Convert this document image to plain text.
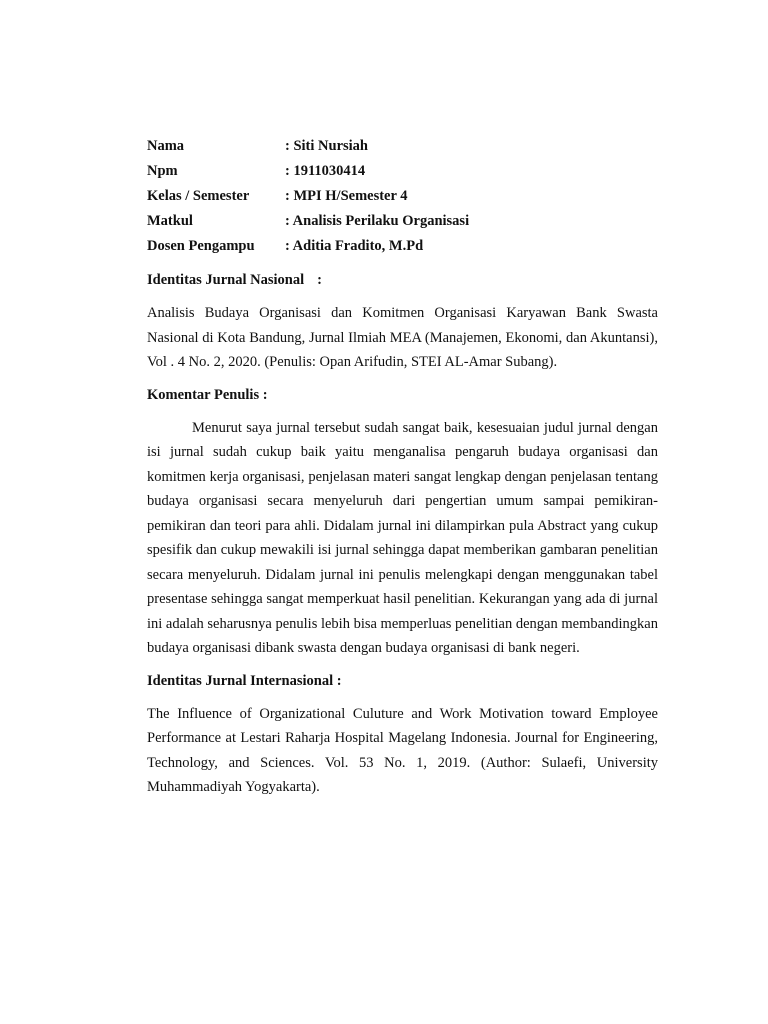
Nama	: Siti Nursiah
Npm	: 1911030414
Kelas / Semester	: MPI H/Semester 4
Matkul	: Analisis Perilaku Organisasi
Dosen Pengampu	: Aditia Fradito, M.Pd

Identitas Jurnal Nasional :

Analisis Budaya Organisasi dan Komitmen Organisasi Karyawan Bank Swasta Nasional di Kota Bandung, Jurnal Ilmiah MEA (Manajemen, Ekonomi, dan Akuntansi), Vol . 4 No. 2, 2020. (Penulis: Opan Arifudin, STEI AL-Amar Subang).

Komentar Penulis :

Menurut saya jurnal tersebut sudah sangat baik, kesesuaian judul jurnal dengan isi jurnal sudah cukup baik yaitu menganalisa pengaruh budaya organisasi dan komitmen kerja organisasi, penjelasan materi sangat lengkap dengan penjelasan tentang budaya organisasi secara menyeluruh dari pengertian umum sampai pemikiran-pemikiran dan teori para ahli. Didalam jurnal ini dilampirkan pula Abstract yang cukup spesifik dan cukup mewakili isi jurnal sehingga dapat memberikan gambaran penelitian secara menyeluruh. Didalam jurnal ini penulis melengkapi dengan menggunakan tabel presentase sehingga sangat memperkuat hasil penelitian. Kekurangan yang ada di jurnal ini adalah seharusnya penulis lebih bisa memperluas penelitian dengan membandingkan budaya organisasi dibank swasta dengan budaya organisasi di bank negeri.

Identitas Jurnal Internasional :

The Influence of Organizational Culuture and Work Motivation toward Employee Performance at Lestari Raharja Hospital Magelang Indonesia. Journal for Engineering, Technology, and Sciences. Vol. 53 No. 1, 2019. (Author: Sulaefi, University Muhammadiyah Yogyakarta).
